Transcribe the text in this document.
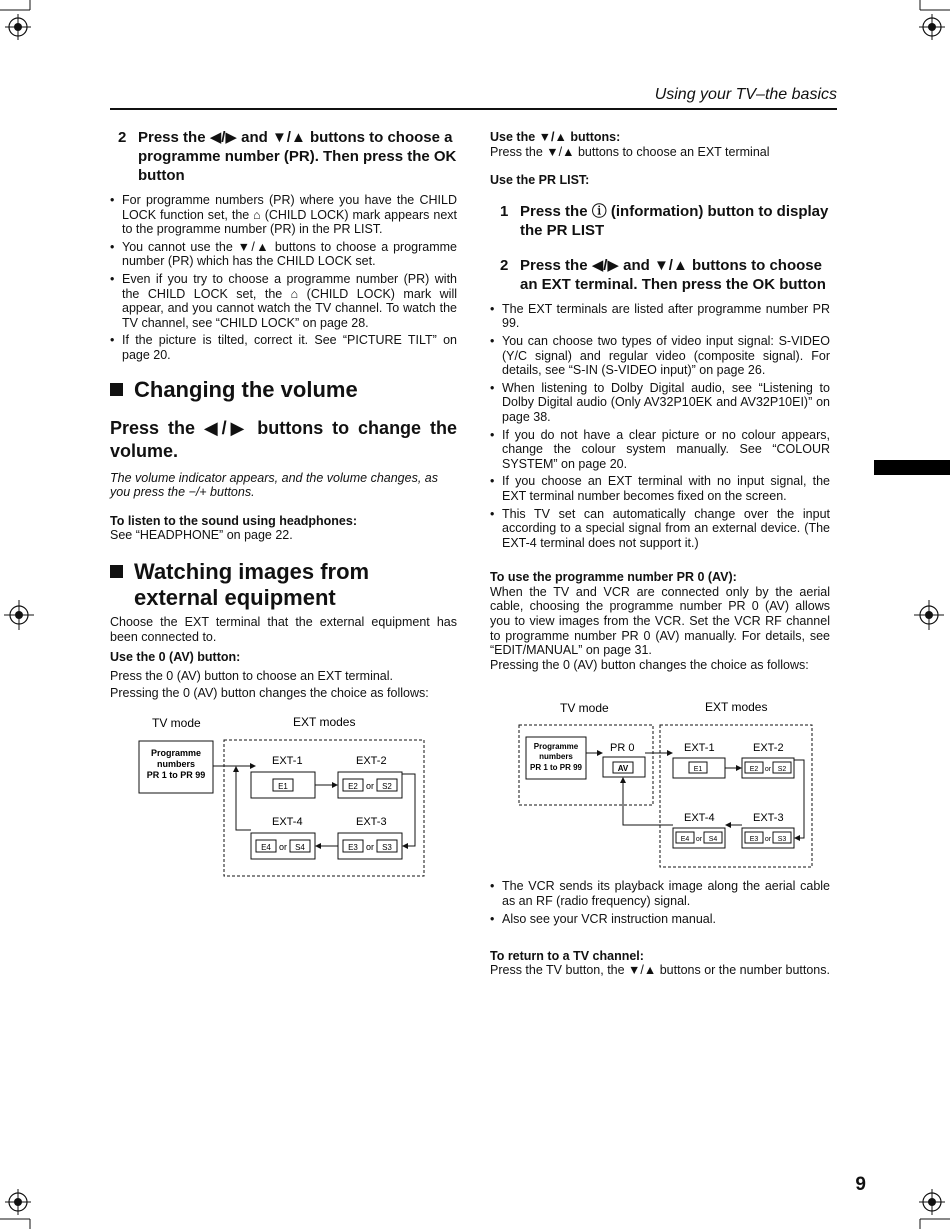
Using your TV–the basics
2 Press the ◀/▶ and ▼/▲ buttons to choose a programme number (PR). Then press the OK button
• For programme numbers (PR) where you have the CHILD LOCK function set, the ⌂ (CHILD LOCK) mark appears next to the programme number (PR) in the PR LIST.
• You cannot use the ▼/▲ buttons to choose a programme number (PR) which has the CHILD LOCK set.
• Even if you try to choose a programme number (PR) with the CHILD LOCK set, the ⌂ (CHILD LOCK) mark will appear, and you cannot watch the TV channel. To watch the TV channel, see “CHILD LOCK” on page 28.
• If the picture is tilted, correct it. See “PICTURE TILT” on page 20.
Changing the volume
Press the ◀/▶ buttons to change the volume.

The volume indicator appears, and the volume changes, as you press the −/+ buttons.

To listen to the sound using headphones:

See “HEADPHONE” on page 22.

Watching images from external equipment

Choose the EXT terminal that the external equipment has been connected to.

Use the 0 (AV) button:

Press the 0 (AV) button to choose an EXT terminal.

Pressing the 0 (AV) button changes the choice as follows:

TV mode	EXT modes
Programme
numbers
PR 1 to PR 99
EXT-1	EXT-2
EXT-4	EXT-3
E1	E2 or S2
E4 or S4	E3 or S3

Use the ▼/▲ buttons:

Press the ▼/▲ buttons to choose an EXT terminal

Use the PR LIST:

1 Press the ⓘ (information) button to display the PR LIST
2 Press the ◀/▶ and ▼/▲ buttons to choose an EXT terminal. Then press the OK button
• The EXT terminals are listed after programme number PR 99.
• You can choose two types of video input signal: S-VIDEO (Y/C signal) and regular video (composite signal). For details, see “S-IN (S-VIDEO input)” on page 26.
• When listening to Dolby Digital audio, see “Listening to Dolby Digital audio (Only AV32P10EK and AV32P10EI)” on page 38.
• If you do not have a clear picture or no colour appears, change the colour system manually. See “COLOUR SYSTEM” on page 20.
• If you choose an EXT terminal with no input signal, the EXT terminal number becomes fixed on the screen.
• This TV set can automatically change over the input according to a special signal from an external device. (The EXT-4 terminal does not support it.)

To use the programme number PR 0 (AV):

When the TV and VCR are connected only by the aerial cable, choosing the programme number PR 0 (AV) allows you to view images from the VCR. Set the VCR RF channel to programme number PR 0 (AV) manually. For details, see “EDIT/MANUAL” on page 31.

Pressing the 0 (AV) button changes the choice as follows:

TV mode	EXT modes
Programme
numbers
PR 1 to PR 99
PR 0
AV
EXT-1	EXT-2
EXT-4	EXT-3
E1	E2 or S2
E4 or S4	E3 or S3
• The VCR sends its playback image along the aerial cable as an RF (radio frequency) signal.
• Also see your VCR instruction manual.

To return to a TV channel:

Press the TV button, the ▼/▲ buttons or the number buttons.

9
